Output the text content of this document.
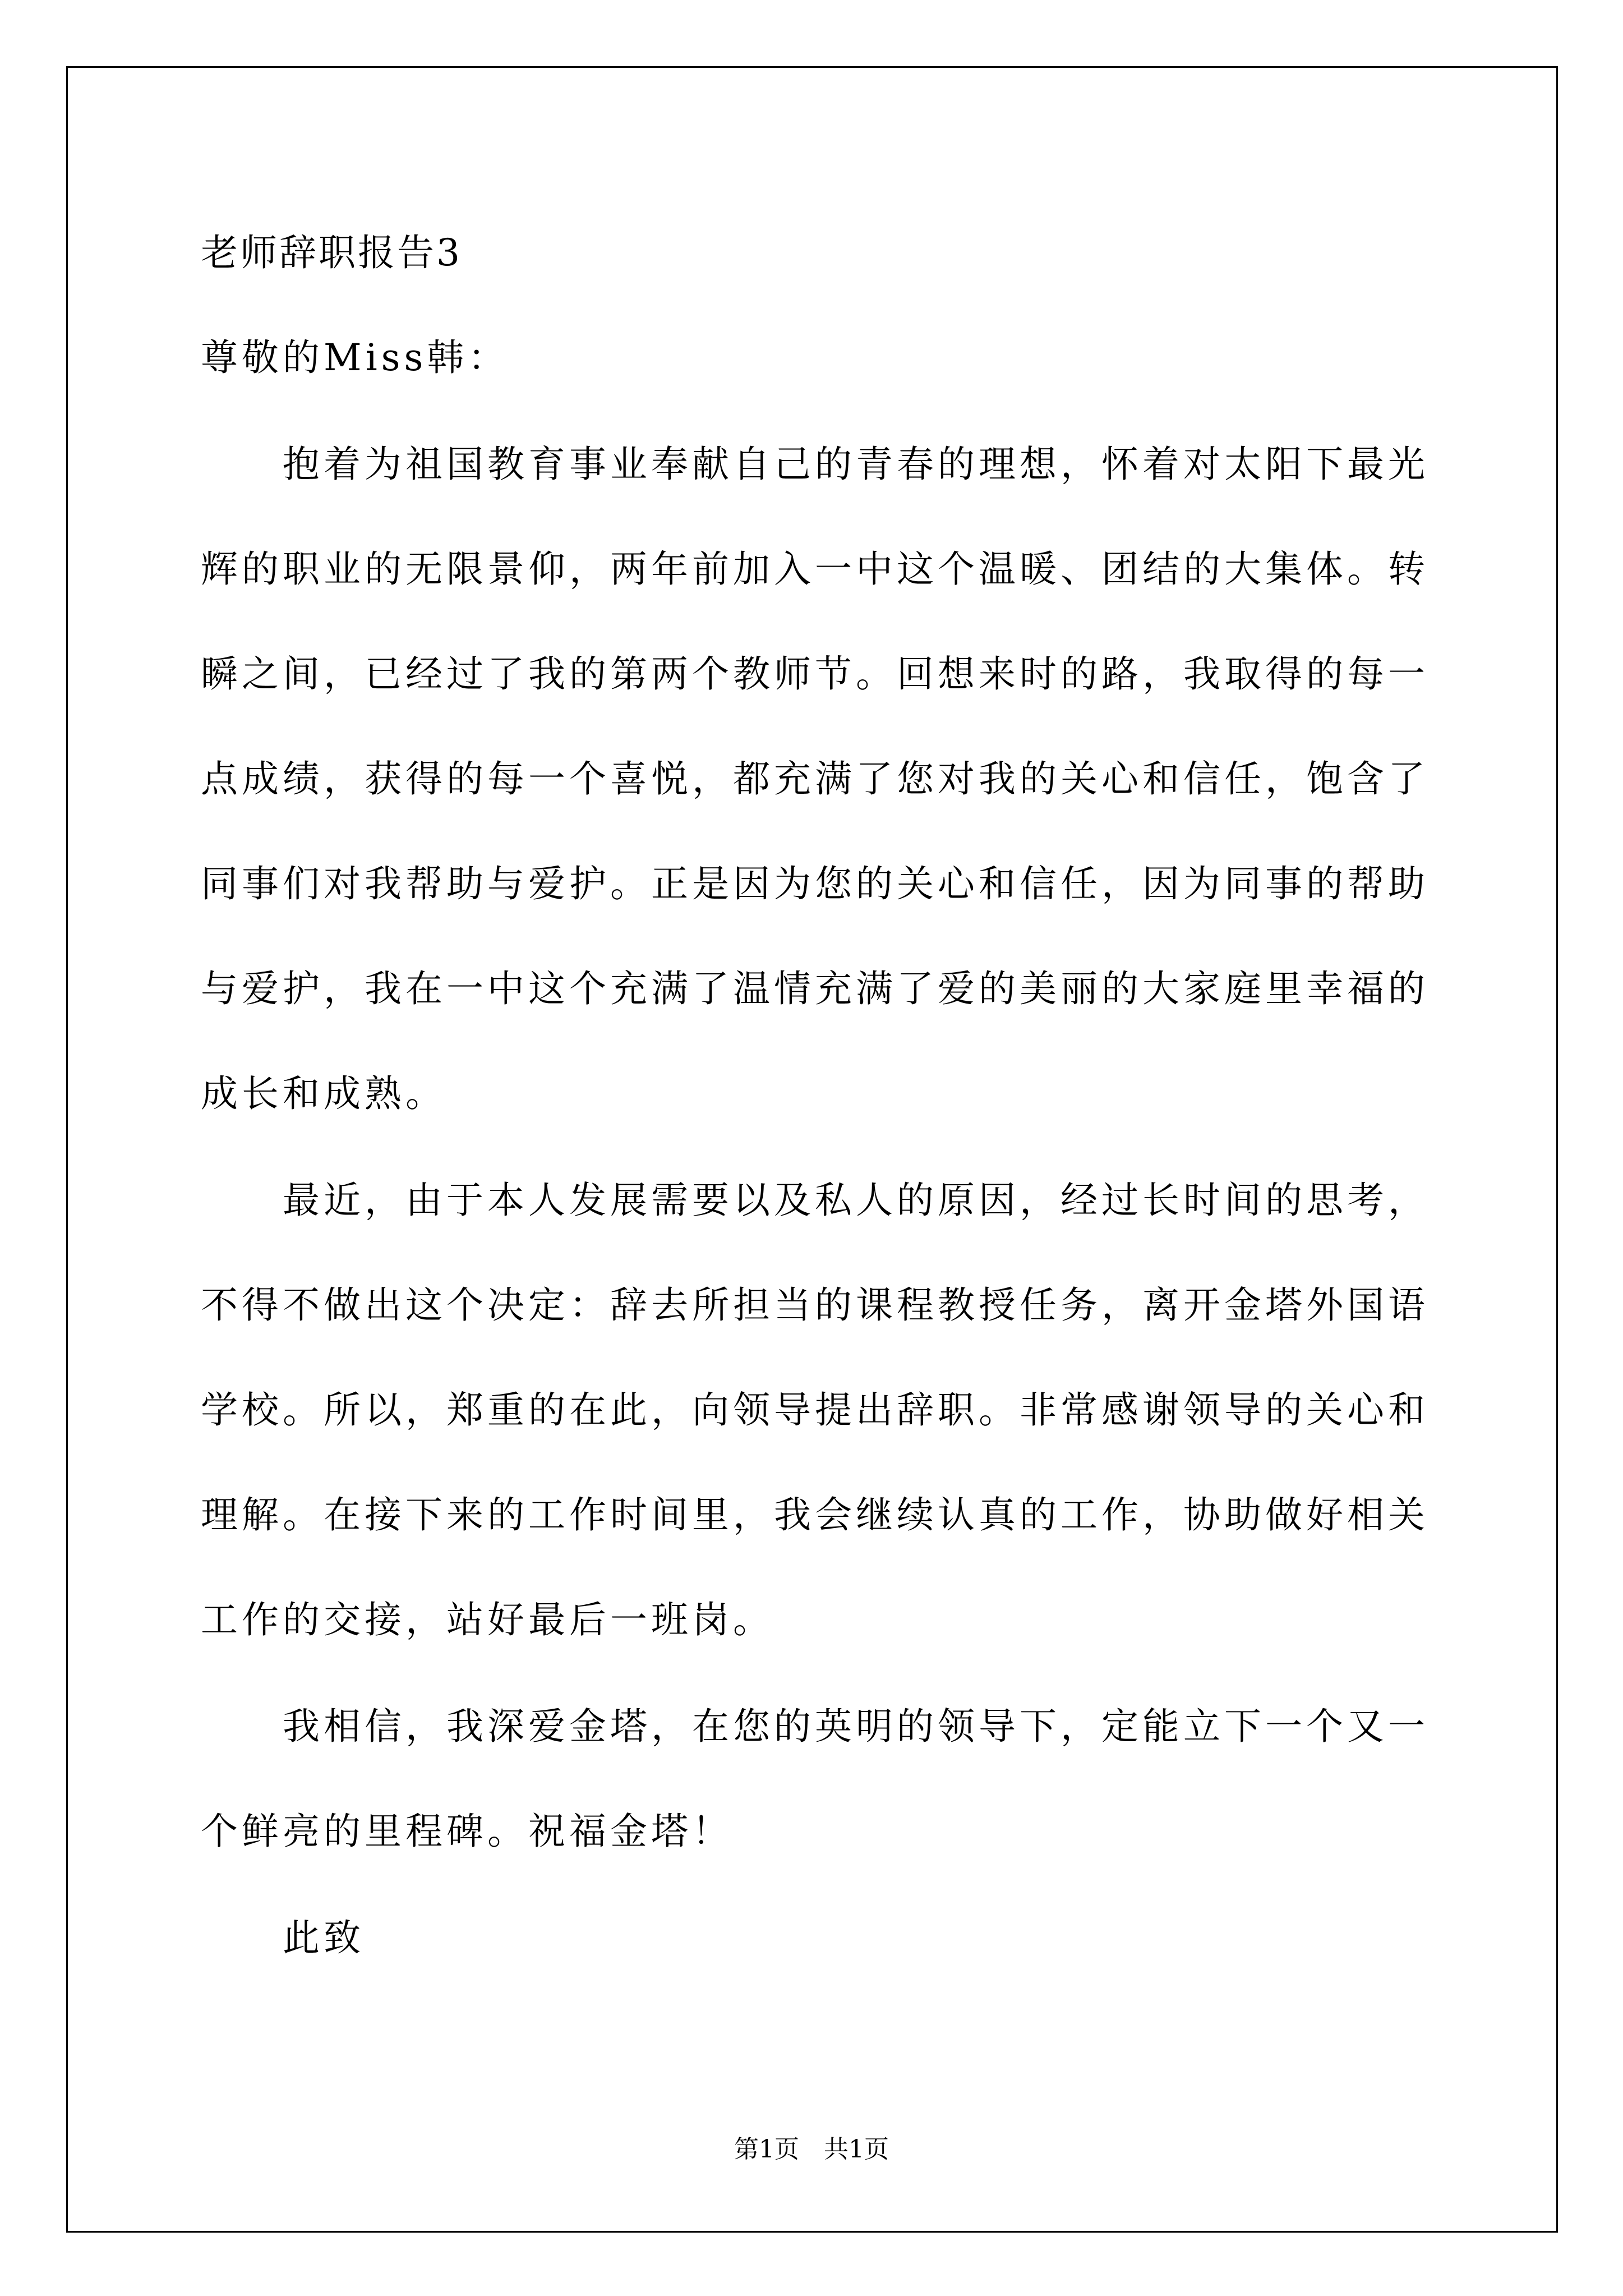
老师辞职报告3
尊敬的Miss韩：
抱着为祖国教育事业奉献自己的青春的理想，怀着对太阳下最光
辉的职业的无限景仰，两年前加入一中这个温暖、团结的大集体。转
瞬之间，已经过了我的第两个教师节。回想来时的路，我取得的每一
点成绩，获得的每一个喜悦，都充满了您对我的关心和信任，饱含了
同事们对我帮助与爱护。正是因为您的关心和信任，因为同事的帮助
与爱护，我在一中这个充满了温情充满了爱的美丽的大家庭里幸福的
成长和成熟。
最近，由于本人发展需要以及私人的原因，经过长时间的思考，
不得不做出这个决定：辞去所担当的课程教授任务，离开金塔外国语
学校。所以，郑重的在此，向领导提出辞职。非常感谢领导的关心和
理解。在接下来的工作时间里，我会继续认真的工作，协助做好相关
工作的交接，站好最后一班岗。
我相信，我深爱金塔，在您的英明的领导下，定能立下一个又一
个鲜亮的里程碑。祝福金塔！
此致
第1页　共1页
